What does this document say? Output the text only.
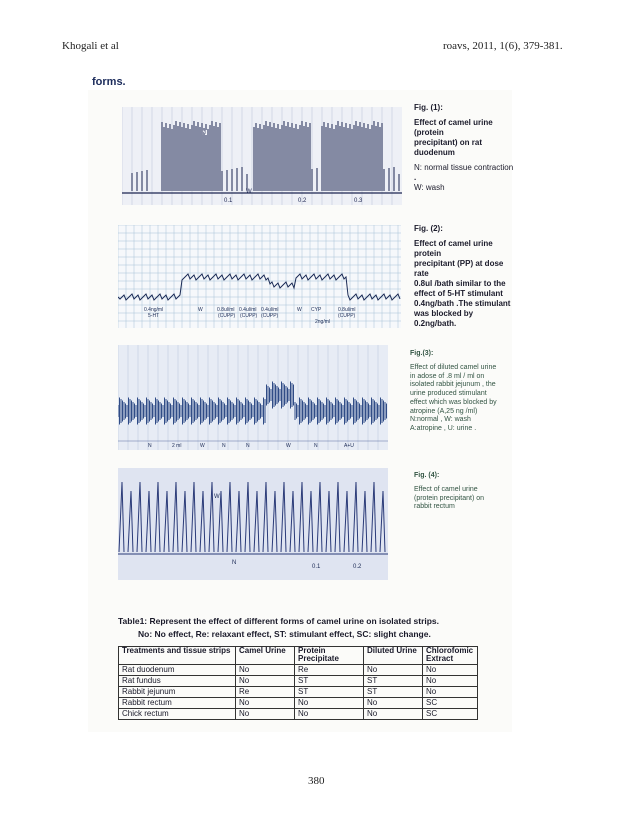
Khogali et al	roavs, 2011, 1(6), 379-381.
forms.
N
W
0.1	0.2	0.3
Fig. (1):
Effect of camel urine (protein
precipitant) on rat duodenum
N: normal tissue contraction
.
W: wash
0.4ng/ml
5-HT
W	0.8ul/ml
(CUPP)
0.4ul/ml
(CUPP)
0.4ul/ml
(CUPP)
W CYP
2ng/ml
0.8ul/ml
(CUPP)
Fig. (2):
Effect of camel urine protein
precipitant (PP) at dose rate
0.8ul /bath similar to the
effect of 5-HT stimulant
0.4ng/bath .The stimulant
was blocked by 0.2ng/bath.
N	2 ml	W	N	N	W	N	A+U
Fig.(3):
Effect of diluted camel urine
in adose of .8 ml / ml on
isolated rabbit jejunum , the
urine produced stimulant
effect which was blocked by
atropine (A,25 ng /ml)
N:normal , W: wash
A:atropine , U: urine .
W
N
0.1	0.2
Fig. (4):
Effect of camel urine
(protein precipitant) on
rabbit rectum
Table1: Represent the effect of different forms of camel urine on isolated strips.
No: No effect, Re: relaxant effect, ST: stimulant effect, SC: slight change.
Treatments and tissue strips	Camel Urine	Protein Precipitate	Diluted Urine	Chlorofomic Extract
Rat duodenum	No	Re	No	No
Rat fundus	No	ST	ST	No
Rabbit jejunum	Re	ST	ST	No
Rabbit rectum	No	No	No	SC
Chick rectum	No	No	No	SC
380
